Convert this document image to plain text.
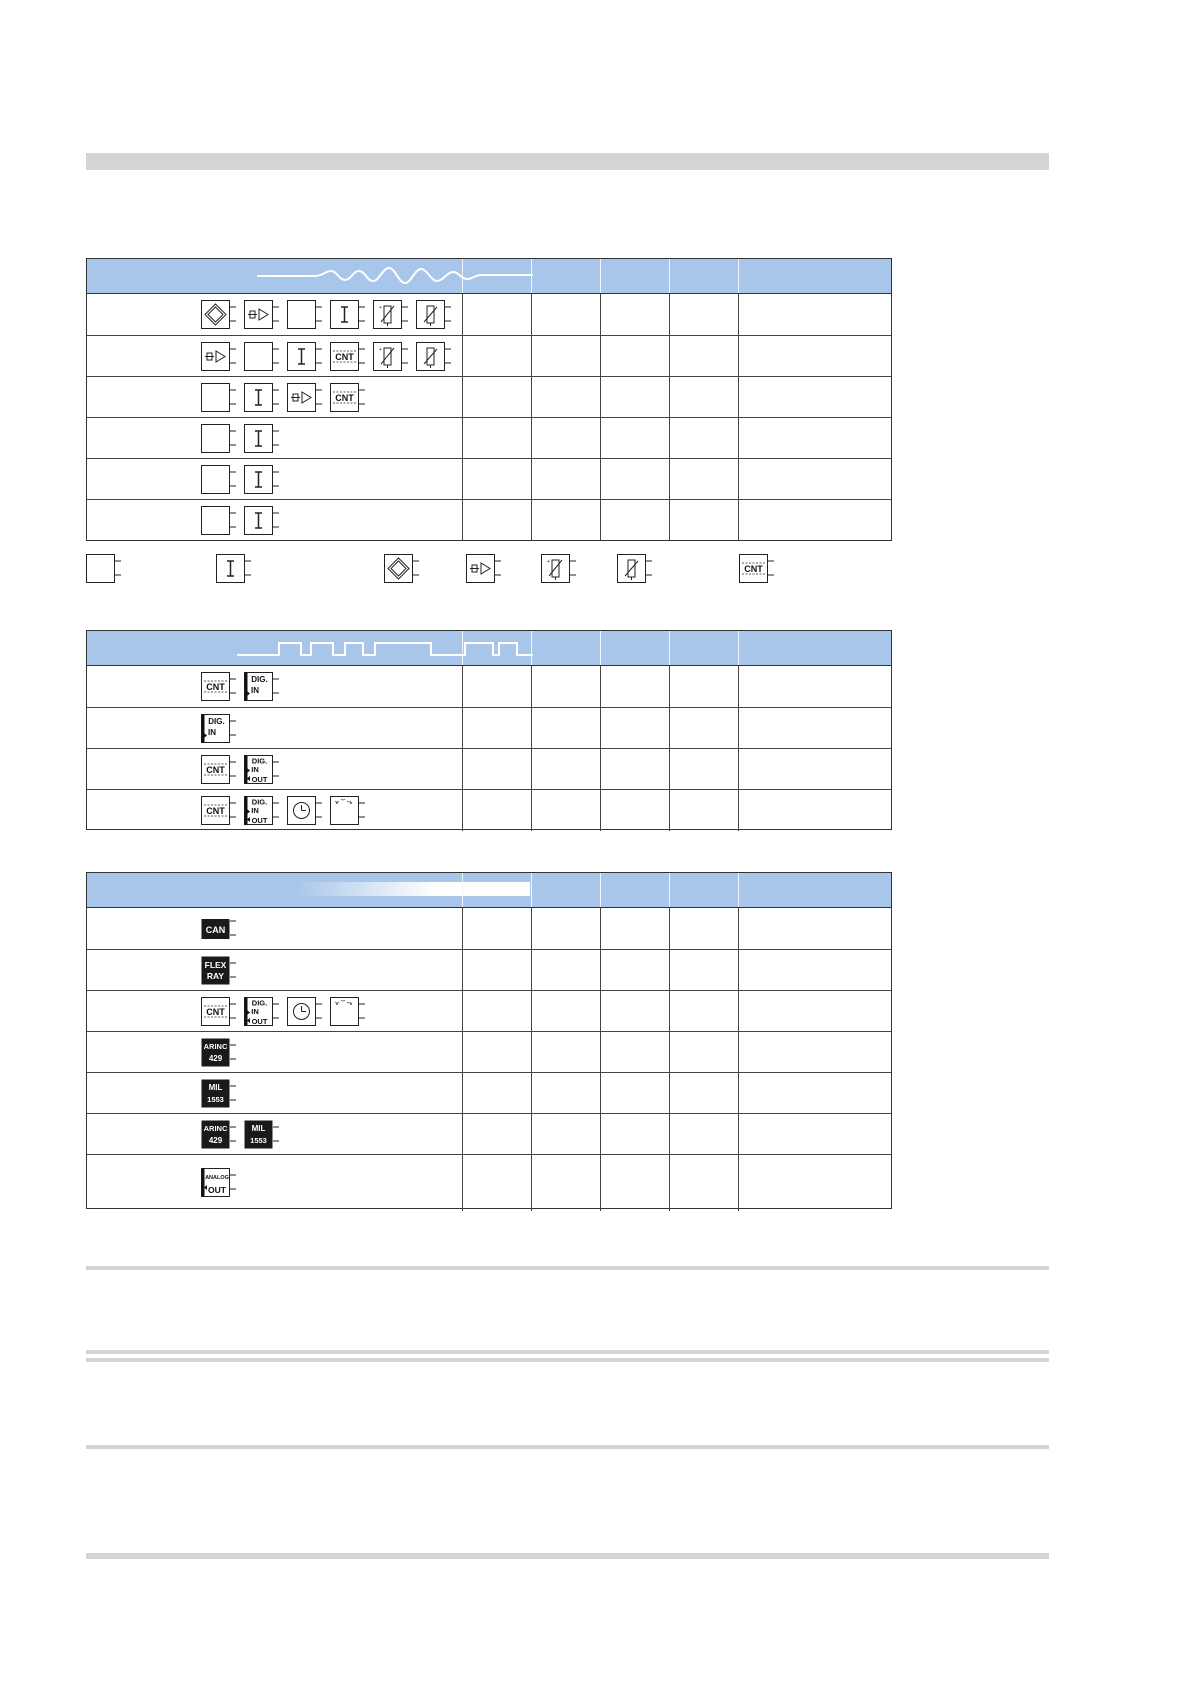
+
CNT
+
CNT
+
CNT
CNT
DIG.
IN
DIG.
IN
CNT
DIG.
IN
OUT
CNT
DIG.
IN
OUT
CAN
FLEX
RAY
CNT
DIG.
IN
OUT
ARINC
429
MIL
1553
ARINC
429
MIL
1553
ANALOG
OUT
